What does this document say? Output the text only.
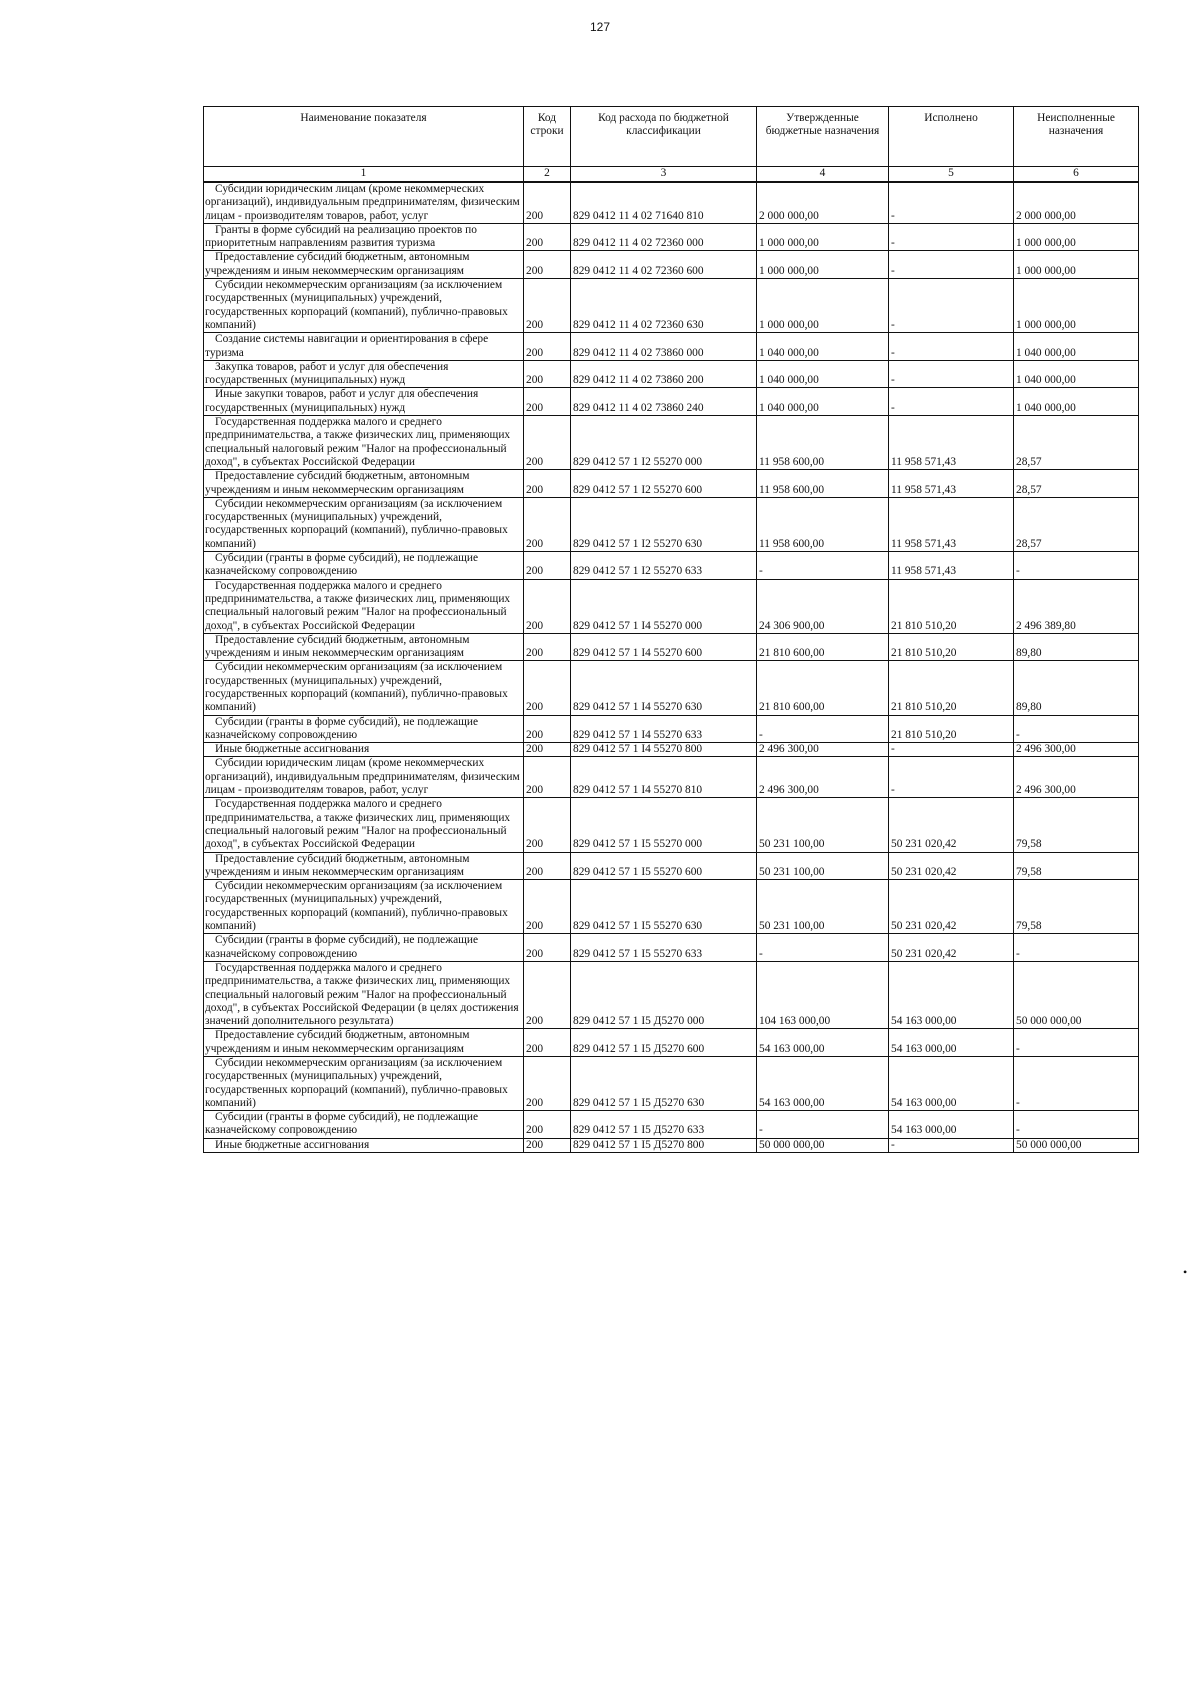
127
Наименование показателя	Код строки	Код расхода по бюджетной классификации	Утвержденные бюджетные назначения	Исполнено	Неисполненные назначения
1	2	3	4	5	6

Субсидии юридическим лицам (кроме некоммерческих организаций), индивидуальным предпринимателям, физическим лицам - производителям товаров, работ, услуг	200	829 0412 11 4 02 71640 810	2 000 000,00	-	2 000 000,00

Гранты в форме субсидий на реализацию проектов по приоритетным направлениям развития туризма	200	829 0412 11 4 02 72360 000	1 000 000,00	-	1 000 000,00

Предоставление субсидий бюджетным, автономным учреждениям и иным некоммерческим организациям	200	829 0412 11 4 02 72360 600	1 000 000,00	-	1 000 000,00

Субсидии некоммерческим организациям (за исключением государственных (муниципальных) учреждений, государственных корпораций (компаний), публично-правовых компаний)	200	829 0412 11 4 02 72360 630	1 000 000,00	-	1 000 000,00

Создание системы навигации и ориентирования в сфере туризма	200	829 0412 11 4 02 73860 000	1 040 000,00	-	1 040 000,00

Закупка товаров, работ и услуг для обеспечения государственных (муниципальных) нужд	200	829 0412 11 4 02 73860 200	1 040 000,00	-	1 040 000,00

Иные закупки товаров, работ и услуг для обеспечения государственных (муниципальных) нужд	200	829 0412 11 4 02 73860 240	1 040 000,00	-	1 040 000,00

Государственная поддержка малого и среднего предпринимательства, а также физических лиц, применяющих специальный налоговый режим "Налог на профессиональный доход", в субъектах Российской Федерации	200	829 0412 57 1 I2 55270 000	11 958 600,00	11 958 571,43	28,57

Предоставление субсидий бюджетным, автономным учреждениям и иным некоммерческим организациям	200	829 0412 57 1 I2 55270 600	11 958 600,00	11 958 571,43	28,57

Субсидии некоммерческим организациям (за исключением государственных (муниципальных) учреждений, государственных корпораций (компаний), публично-правовых компаний)	200	829 0412 57 1 I2 55270 630	11 958 600,00	11 958 571,43	28,57

Субсидии (гранты в форме субсидий), не подлежащие казначейскому сопровождению	200	829 0412 57 1 I2 55270 633	-	11 958 571,43	-

Государственная поддержка малого и среднего предпринимательства, а также физических лиц, применяющих специальный налоговый режим "Налог на профессиональный доход", в субъектах Российской Федерации	200	829 0412 57 1 I4 55270 000	24 306 900,00	21 810 510,20	2 496 389,80

Предоставление субсидий бюджетным, автономным учреждениям и иным некоммерческим организациям	200	829 0412 57 1 I4 55270 600	21 810 600,00	21 810 510,20	89,80

Субсидии некоммерческим организациям (за исключением государственных (муниципальных) учреждений, государственных корпораций (компаний), публично-правовых компаний)	200	829 0412 57 1 I4 55270 630	21 810 600,00	21 810 510,20	89,80

Субсидии (гранты в форме субсидий), не подлежащие казначейскому сопровождению	200	829 0412 57 1 I4 55270 633	-	21 810 510,20	-

Иные бюджетные ассигнования	200	829 0412 57 1 I4 55270 800	2 496 300,00	-	2 496 300,00

Субсидии юридическим лицам (кроме некоммерческих организаций), индивидуальным предпринимателям, физическим лицам - производителям товаров, работ, услуг	200	829 0412 57 1 I4 55270 810	2 496 300,00	-	2 496 300,00

Государственная поддержка малого и среднего предпринимательства, а также физических лиц, применяющих специальный налоговый режим "Налог на профессиональный доход", в субъектах Российской Федерации	200	829 0412 57 1 I5 55270 000	50 231 100,00	50 231 020,42	79,58

Предоставление субсидий бюджетным, автономным учреждениям и иным некоммерческим организациям	200	829 0412 57 1 I5 55270 600	50 231 100,00	50 231 020,42	79,58

Субсидии некоммерческим организациям (за исключением государственных (муниципальных) учреждений, государственных корпораций (компаний), публично-правовых компаний)	200	829 0412 57 1 I5 55270 630	50 231 100,00	50 231 020,42	79,58

Субсидии (гранты в форме субсидий), не подлежащие казначейскому сопровождению	200	829 0412 57 1 I5 55270 633	-	50 231 020,42	-

Государственная поддержка малого и среднего предпринимательства, а также физических лиц, применяющих специальный налоговый режим "Налог на профессиональный доход", в субъектах Российской Федерации (в целях достижения значений дополнительного результата)	200	829 0412 57 1 I5 Д5270 000	104 163 000,00	54 163 000,00	50 000 000,00

Предоставление субсидий бюджетным, автономным учреждениям и иным некоммерческим организациям	200	829 0412 57 1 I5 Д5270 600	54 163 000,00	54 163 000,00	-

Субсидии некоммерческим организациям (за исключением государственных (муниципальных) учреждений, государственных корпораций (компаний), публично-правовых компаний)	200	829 0412 57 1 I5 Д5270 630	54 163 000,00	54 163 000,00	-

Субсидии (гранты в форме субсидий), не подлежащие казначейскому сопровождению	200	829 0412 57 1 I5 Д5270 633	-	54 163 000,00	-

Иные бюджетные ассигнования	200	829 0412 57 1 I5 Д5270 800	50 000 000,00	-	50 000 000,00
•
